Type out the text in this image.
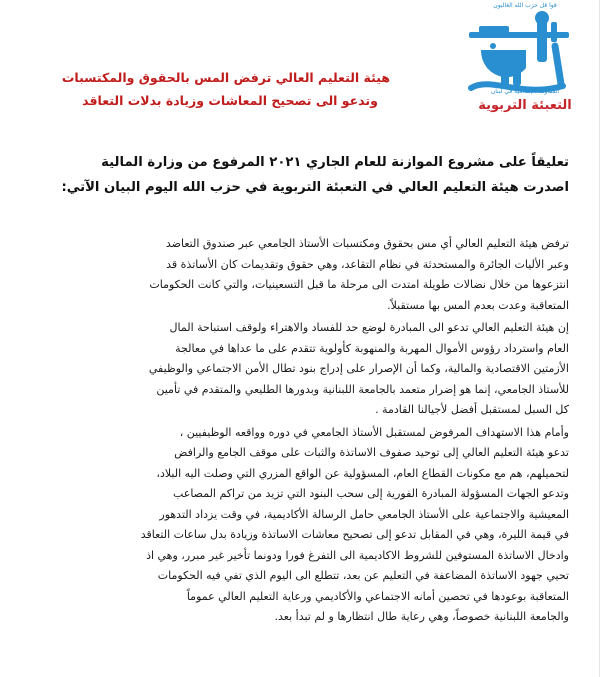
قوا قل حزب الله الغالبون
المقاومة الإسلامية في لبنان
التعبئة التربوية
هيئة التعليم العالي ترفض المس بالحقوق والمكتسبات
وتدعو الى تصحيح المعاشات وزيادة بدلات التعاقد
تعليقاً على مشروع الموازنة للعام الجاري ٢٠٢١ المرفوع من وزارة المالية
اصدرت هيئة التعليم العالي في التعبئة التربوية في حزب الله اليوم البيان الآتي:
ترفض هيئة التعليم العالي أي مس بحقوق ومكتسبات الأستاذ الجامعي عبر صندوق التعاضد
وعبر الأليات الجائرة والمستحدثة في نظام التقاعد، وهي حقوق وتقديمات كان الأساتذة قد
انتزعوها من خلال نضالات طويلة امتدت الى مرحلة ما قبل التسعينيات، والتي كانت الحكومات
المتعاقبة وعدت بعدم المس بها مستقبلاً.
إن هيئة التعليم العالي تدعو الى المبادرة لوضع حد للفساد والاهتراء ولوقف استباحة المال
العام واسترداد رؤوس الأموال المهربة والمنهوبة كأولوية تتقدم على ما عداها في معالجة
الأزمتين الاقتصادية والمالية، وكما أن الإصرار على إدراج بنود تطال الأمن الاجتماعي والوظيفي
للأستاذ الجامعي، إنما هو إضرار متعمد بالجامعة اللبنانية وبدورها الطليعي والمتقدم في تأمين
كل السبل لمستقبل أفضل لأجيالنا القادمة .
وأمام هذا الاستهداف المرفوض لمستقبل الأستاذ الجامعي في دوره وواقعه الوظيفيين ،
تدعو هيئة التعليم العالي إلى توحيد صفوف الاساتذة والثبات على موقف الجامع والرافض
لتحميلهم، هم مع مكونات القطاع العام، المسؤولية عن الواقع المزري التي وصلت اليه البلاد،
وتدعو الجهات المسؤولة المبادرة الفورية إلى سحب البنود التي تزيد من تراكم المصاعب
المعيشية والاجتماعية على الأستاذ الجامعي حامل الرسالة الأكاديمية، في وقت يزداد التدهور
في قيمة الليرة، وهي في المقابل تدعو إلى تصحيح معاشات الاساتذة وزيادة بدل ساعات التعاقد
وادخال الاساتذة المستوفين للشروط الاكاديمية الى التفرغ فورا ودونما تأخير غير مبرر، وهي اذ
تحيي جهود الاساتذة المضاعفة في التعليم عن بعد، تتطلع الى اليوم الذي تفي فيه الحكومات
المتعاقبة بوعودها في تحصين أمانه الاجتماعي والأكاديمي ورعاية التعليم العالي عموماً
والجامعة اللبنانية خصوصاً، وهي رعاية طال انتظارها و لم تبدأ بعد.
